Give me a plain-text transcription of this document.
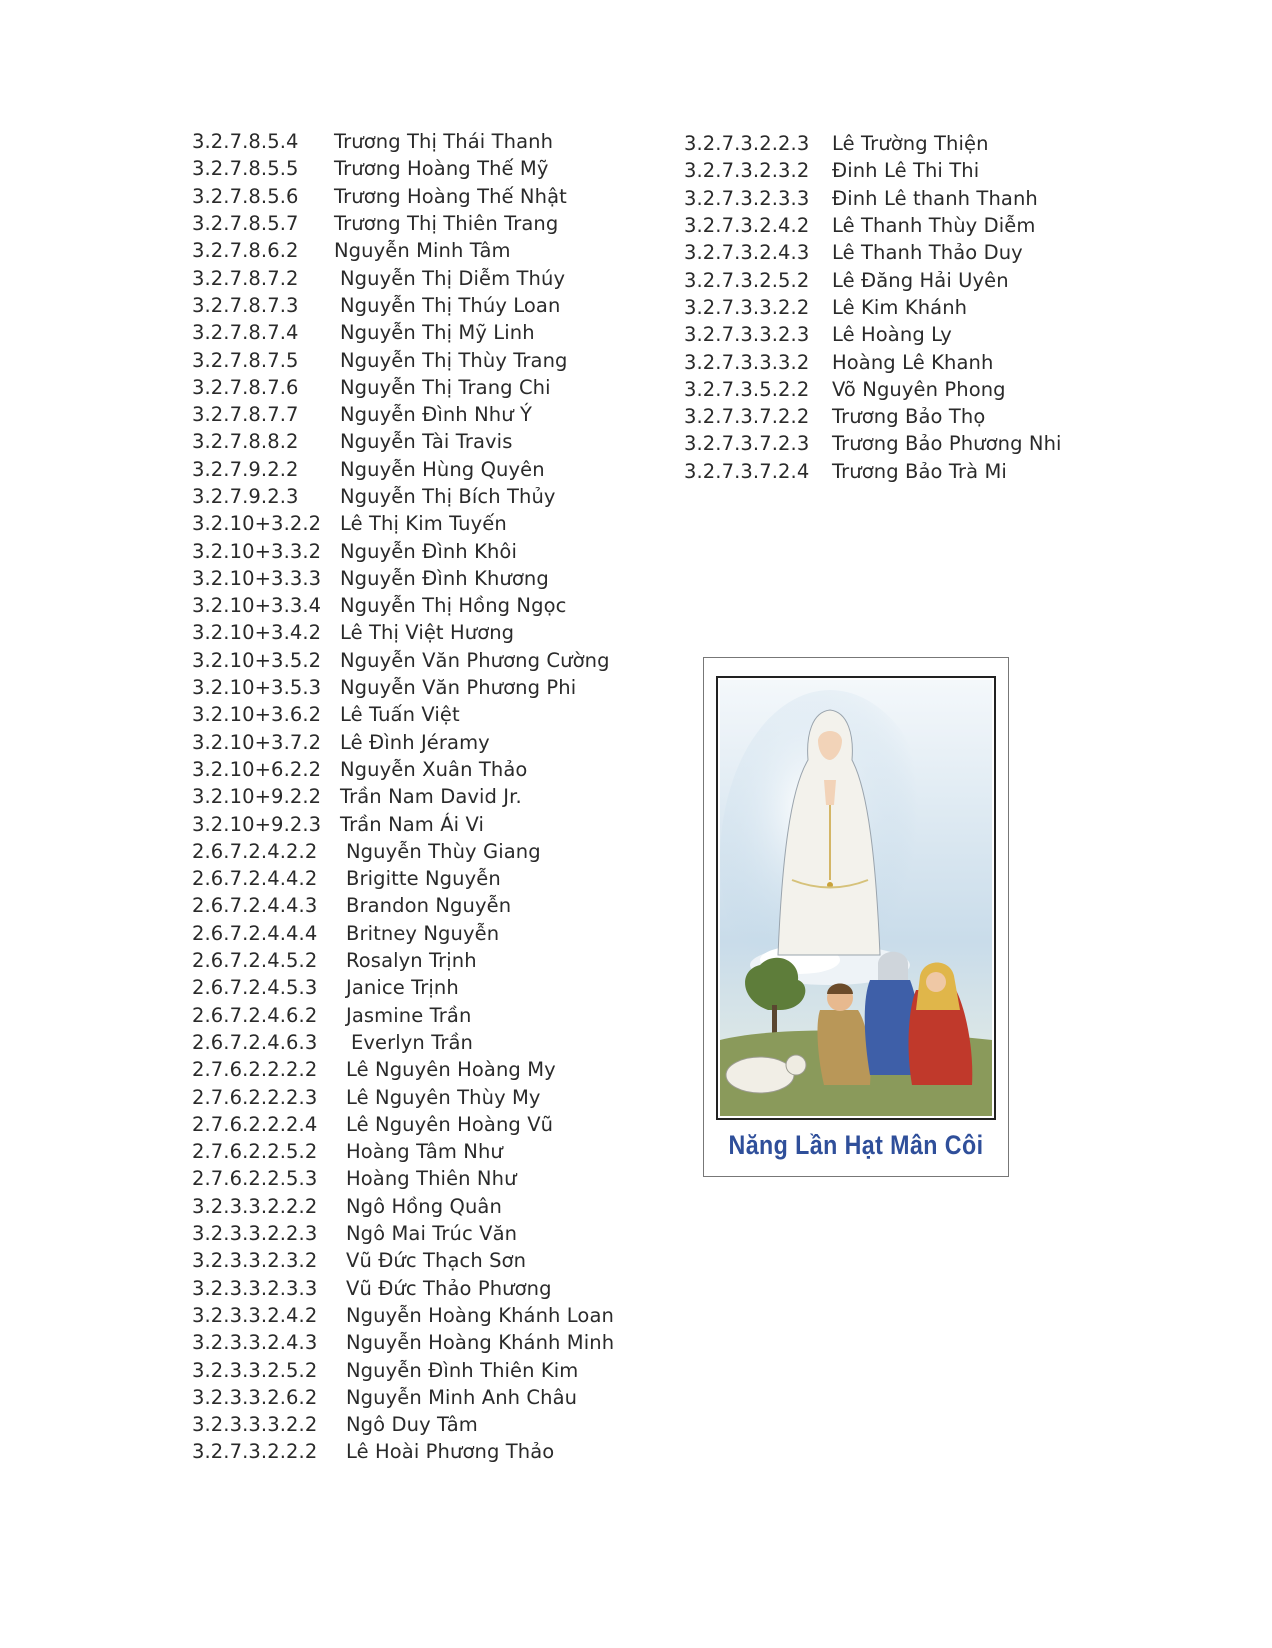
3.2.7.8.5.4	Trương Thị Thái Thanh
3.2.7.8.5.5	Trương Hoàng Thế Mỹ
3.2.7.8.5.6	Trương Hoàng Thế Nhật
3.2.7.8.5.7	Trương Thị Thiên Trang
3.2.7.8.6.2	Nguyễn Minh Tâm
3.2.7.8.7.2	Nguyễn Thị Diễm Thúy
3.2.7.8.7.3	Nguyễn Thị Thúy Loan
3.2.7.8.7.4	Nguyễn Thị Mỹ Linh
3.2.7.8.7.5	Nguyễn Thị Thùy Trang
3.2.7.8.7.6	Nguyễn Thị Trang Chi
3.2.7.8.7.7	Nguyễn Đình Như Ý
3.2.7.8.8.2	Nguyễn Tài Travis
3.2.7.9.2.2	Nguyễn Hùng Quyên
3.2.7.9.2.3	Nguyễn Thị Bích Thủy
3.2.10+3.2.2 Lê Thị Kim Tuyến
3.2.10+3.3.2 Nguyễn Đình Khôi
3.2.10+3.3.3 Nguyễn Đình Khương
3.2.10+3.3.4 Nguyễn Thị Hồng Ngọc
3.2.10+3.4.2 Lê Thị Việt Hương
3.2.10+3.5.2 Nguyễn Văn Phương Cường
3.2.10+3.5.3 Nguyễn Văn Phương Phi
3.2.10+3.6.2 Lê Tuấn Việt
3.2.10+3.7.2 Lê Đình Jéramy
3.2.10+6.2.2 Nguyễn Xuân Thảo
3.2.10+9.2.2 Trần Nam David Jr.
3.2.10+9.2.3 Trần Nam Ái Vi
2.6.7.2.4.2.2	Nguyễn Thùy Giang
2.6.7.2.4.4.2	Brigitte Nguyễn
2.6.7.2.4.4.3	Brandon Nguyễn
2.6.7.2.4.4.4	Britney Nguyễn
2.6.7.2.4.5.2	Rosalyn Trịnh
2.6.7.2.4.5.3	Janice Trịnh
2.6.7.2.4.6.2	Jasmine Trần
2.6.7.2.4.6.3	Everlyn Trần
2.7.6.2.2.2.2	Lê Nguyên Hoàng My
2.7.6.2.2.2.3	Lê Nguyên Thùy My
2.7.6.2.2.2.4	Lê Nguyên Hoàng Vũ
2.7.6.2.2.5.2	Hoàng Tâm Như
2.7.6.2.2.5.3	Hoàng Thiên Như
3.2.3.3.2.2.2	Ngô Hồng Quân
3.2.3.3.2.2.3	Ngô Mai Trúc Văn
3.2.3.3.2.3.2	Vũ Đức Thạch Sơn
3.2.3.3.2.3.3	Vũ Đức Thảo Phương
3.2.3.3.2.4.2	Nguyễn Hoàng Khánh Loan
3.2.3.3.2.4.3	Nguyễn Hoàng Khánh Minh
3.2.3.3.2.5.2	Nguyễn Đình Thiên Kim
3.2.3.3.2.6.2	Nguyễn Minh Anh Châu
3.2.3.3.3.2.2	Ngô Duy Tâm
3.2.7.3.2.2.2	Lê Hoài Phương Thảo
3.2.7.3.2.2.3	Lê Trường Thiện
3.2.7.3.2.3.2	Đinh Lê Thi Thi
3.2.7.3.2.3.3	Đinh Lê thanh Thanh
3.2.7.3.2.4.2	Lê Thanh Thùy Diễm
3.2.7.3.2.4.3	Lê Thanh Thảo Duy
3.2.7.3.2.5.2	Lê Đăng Hải Uyên
3.2.7.3.3.2.2	Lê Kim Khánh
3.2.7.3.3.2.3	Lê Hoàng Ly
3.2.7.3.3.3.2	Hoàng Lê Khanh
3.2.7.3.5.2.2	Võ Nguyên Phong
3.2.7.3.7.2.2	Trương Bảo Thọ
3.2.7.3.7.2.3	Trương Bảo Phương Nhi
3.2.7.3.7.2.4	Trương Bảo Trà Mi
Năng Lần Hạt Mân Côi
